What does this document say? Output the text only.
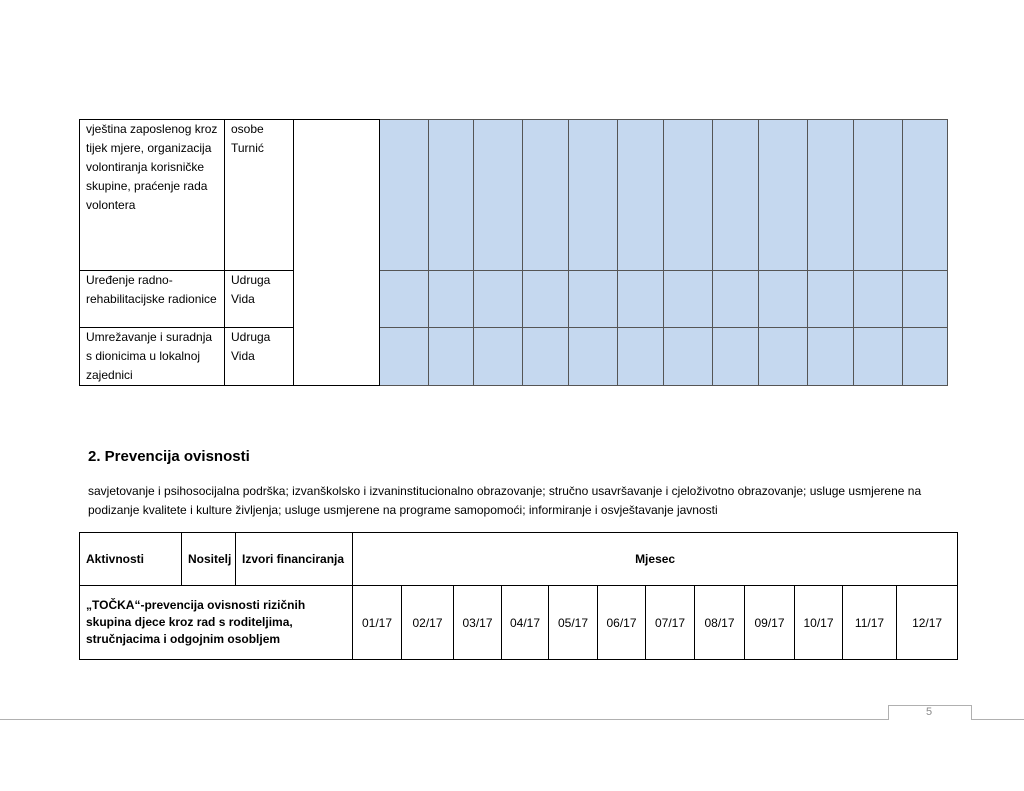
vještina zaposlenog kroz tijek mjere, organizacija volontiranja korisničke skupine, praćenje rada volontera	osobe Turnić													
Uređenje radno-rehabilitacijske radionice	Udruga Vida													
Umrežavanje i suradnja s dionicima u lokalnoj zajednici	Udruga Vida													
2. Prevencija ovisnosti

savjetovanje i psihosocijalna podrška; izvanškolsko i izvaninstitucionalno obrazovanje; stručno usavršavanje i cjeloživotno obrazovanje; usluge usmjerene na podizanje kvalitete i kulture življenja; usluge usmjerene na programe samopomoći; informiranje i osvještavanje javnosti

Aktivnosti	Nositelj	Izvori financiranja	Mjesec											
„TOČKA“-prevencija ovisnosti rizičnih skupina djece kroz rad s roditeljima, stručnjacima i odgojnim osobljem			01/17	02/17	03/17	04/17	05/17	06/17	07/17	08/17	09/17	10/17	11/17	12/17
5
